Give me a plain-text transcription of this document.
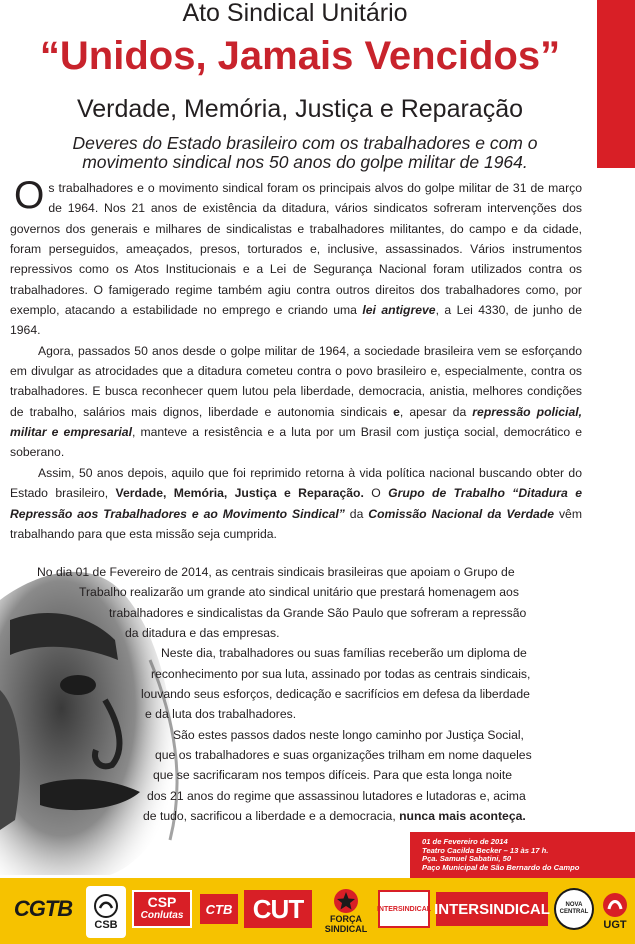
Ato Sindical Unitário
“Unidos, Jamais Vencidos”
Verdade, Memória, Justiça e Reparação
Deveres do Estado brasileiro com os trabalhadores e com o
movimento sindical nos 50 anos do golpe militar de 1964.

Os trabalhadores e o movimento sindical foram os principais alvos do golpe militar de 31 de março de 1964. Nos 21 anos de existência da ditadura, vários sindicatos sofreram intervenções dos governos dos generais e milhares de sindicalistas e trabalhadores militantes, do campo e da cidade, foram perseguidos, ameaçados, presos, torturados e, inclusive, assassinados. Vários instrumentos repressivos como os Atos Institucionais e a Lei de Segurança Nacional foram utilizados contra os trabalhadores. O famigerado regime também agiu contra outros direitos dos trabalhadores como, por exemplo, atacando a estabilidade no emprego e criando uma lei antigreve, a Lei 4330, de junho de 1964.

Agora, passados 50 anos desde o golpe militar de 1964, a sociedade brasileira vem se esforçando em divulgar as atrocidades que a ditadura cometeu contra o povo brasileiro e, especialmente, contra os trabalhadores. E busca reconhecer quem lutou pela liberdade, democracia, anistia, melhores condições de trabalho, salários mais dignos, liberdade e autonomia sindicais e, apesar da repressão policial, militar e empresarial, manteve a resistência e a luta por um Brasil com justiça social, democrático e soberano.

Assim, 50 anos depois, aquilo que foi reprimido retorna à vida política nacional buscando obter do Estado brasileiro, Verdade, Memória, Justiça e Reparação. O Grupo de Trabalho “Ditadura e Repressão aos Trabalhadores e ao Movimento Sindical” da Comissão Nacional da Verdade vêm trabalhando para que esta missão seja cumprida.

No dia 01 de Fevereiro de 2014, as centrais sindicais brasileiras que apoiam o Grupo de
Trabalho realizarão um grande ato sindical unitário que prestará homenagem aos
trabalhadores e sindicalistas da Grande São Paulo que sofreram a repressão
da ditadura e das empresas.
Neste dia, trabalhadores ou suas famílias receberão um diploma de
reconhecimento por sua luta, assinado por todas as centrais sindicais,
louvando seus esforços, dedicação e sacrifícios em defesa da liberdade
e da luta dos trabalhadores.
São estes passos dados neste longo caminho por Justiça Social,
que os trabalhadores e suas organizações trilham em nome daqueles
que se sacrificaram nos tempos difíceis. Para que esta longa noite
dos 21 anos do regime que assassinou lutadores e lutadoras e, acima
de tudo, sacrificou a liberdade e a democracia, nunca mais aconteça.
01 de Fevereiro de 2014
Teatro Cacilda Becker – 13 às 17 h.
Pça. Samuel Sabatini, 50
Paço Municipal de São Bernardo do Campo
CGTB
CSB
CSP
Conlutas CTB CUT	FORÇA
SINDICAL
INTERSINDICAL INTERSINDICAL	NOVA CENTRAL
UGT
